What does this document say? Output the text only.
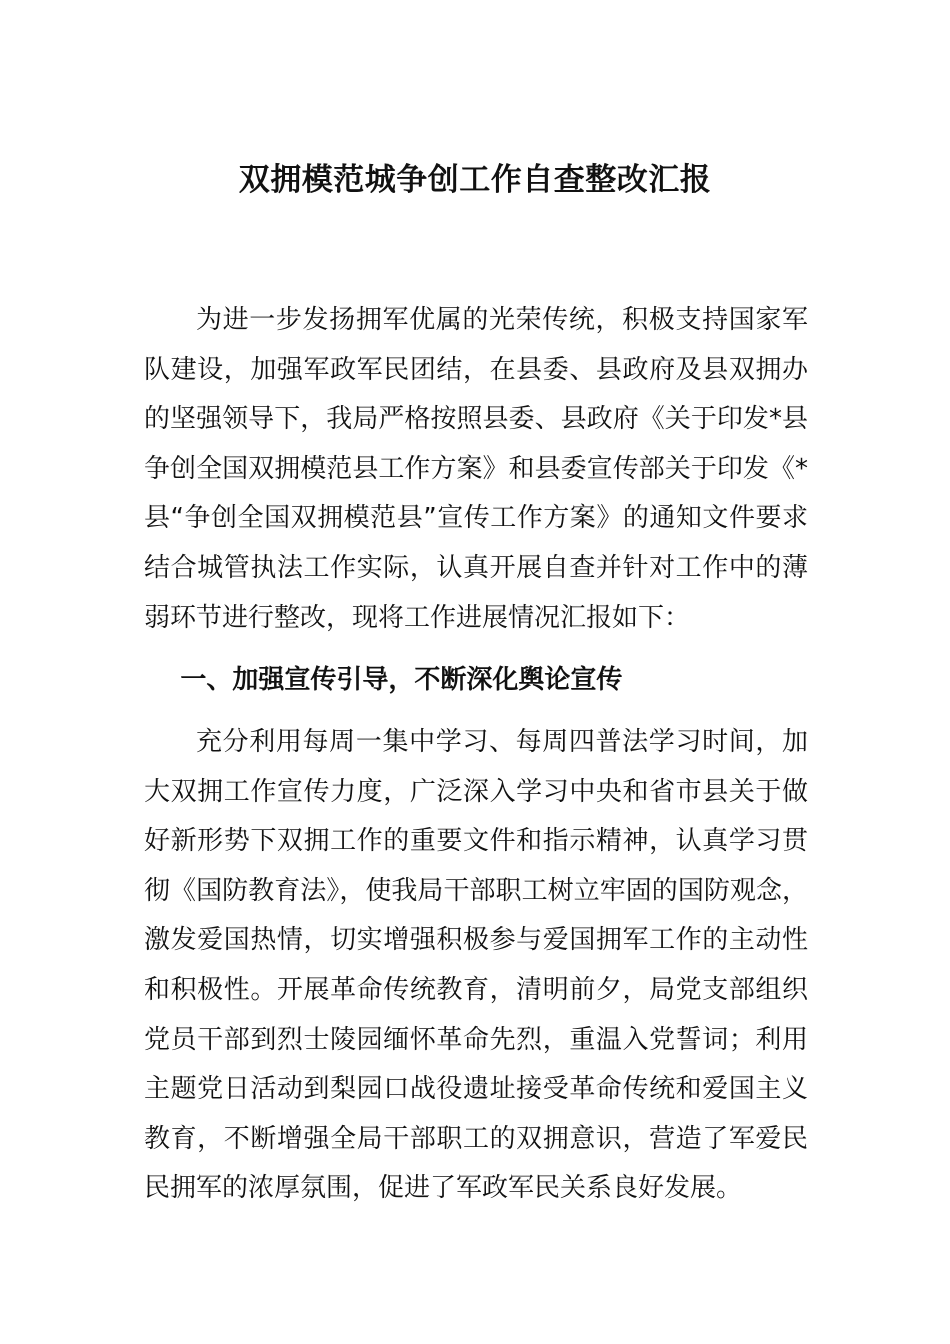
双拥模范城争创工作自查整改汇报

为进一步发扬拥军优属的光荣传统，积极支持国家军队建设，加强军政军民团结，在县委、县政府及县双拥办的坚强领导下，我局严格按照县委、县政府《关于印发*县争创全国双拥模范县工作方案》和县委宣传部关于印发《*县“争创全国双拥模范县”宣传工作方案》的通知文件要求结合城管执法工作实际，认真开展自查并针对工作中的薄弱环节进行整改，现将工作进展情况汇报如下：

一、加强宣传引导，不断深化舆论宣传

充分利用每周一集中学习、每周四普法学习时间，加大双拥工作宣传力度，广泛深入学习中央和省市县关于做好新形势下双拥工作的重要文件和指示精神，认真学习贯彻《国防教育法》，使我局干部职工树立牢固的国防观念，激发爱国热情，切实增强积极参与爱国拥军工作的主动性和积极性。开展革命传统教育，清明前夕，局党支部组织党员干部到烈士陵园缅怀革命先烈，重温入党誓词；利用主题党日活动到梨园口战役遗址接受革命传统和爱国主义教育，不断增强全局干部职工的双拥意识，营造了军爱民民拥军的浓厚氛围，促进了军政军民关系良好发展。
